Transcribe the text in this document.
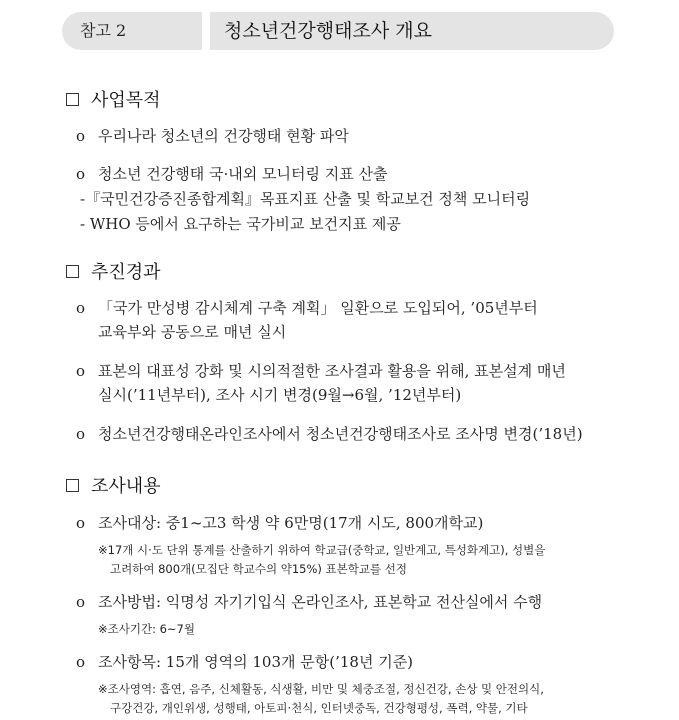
참고 2	청소년건강행태조사 개요
사업목적
ο 우리나라 청소년의 건강행태 현황 파악
ο 청소년 건강행태 국·내외 모니터링 지표 산출
-『국민건강증진종합계획』목표지표 산출 및 학교보건 정책 모니터링
- WHO 등에서 요구하는 국가비교 보건지표 제공
추진경과
ο 「국가 만성병 감시체계 구축 계획」 일환으로 도입되어, ’05년부터
교육부와 공동으로 매년 실시
ο 표본의 대표성 강화 및 시의적절한 조사결과 활용을 위해, 표본설계 매년
실시(’11년부터), 조사 시기 변경(9월→6월, ’12년부터)
ο 청소년건강행태온라인조사에서 청소년건강행태조사로 조사명 변경(’18년)
조사내용
ο 조사대상: 중1~고3 학생 약 6만명(17개 시도, 800개학교)
※17개 시·도 단위 통계를 산출하기 위하여 학교급(중학교, 일반계고, 특성화계고), 성별을
고려하여 800개(모집단 학교수의 약15%) 표본학교를 선정
ο 조사방법: 익명성 자기기입식 온라인조사, 표본학교 전산실에서 수행
※조사기간: 6~7월
ο 조사항목: 15개 영역의 103개 문항(’18년 기준)
※조사영역: 흡연, 음주, 신체활동, 식생활, 비만 및 체중조절, 정신건강, 손상 및 안전의식,
구강건강, 개인위생, 성행태, 아토피·천식, 인터넷중독, 건강형평성, 폭력, 약물, 기타
